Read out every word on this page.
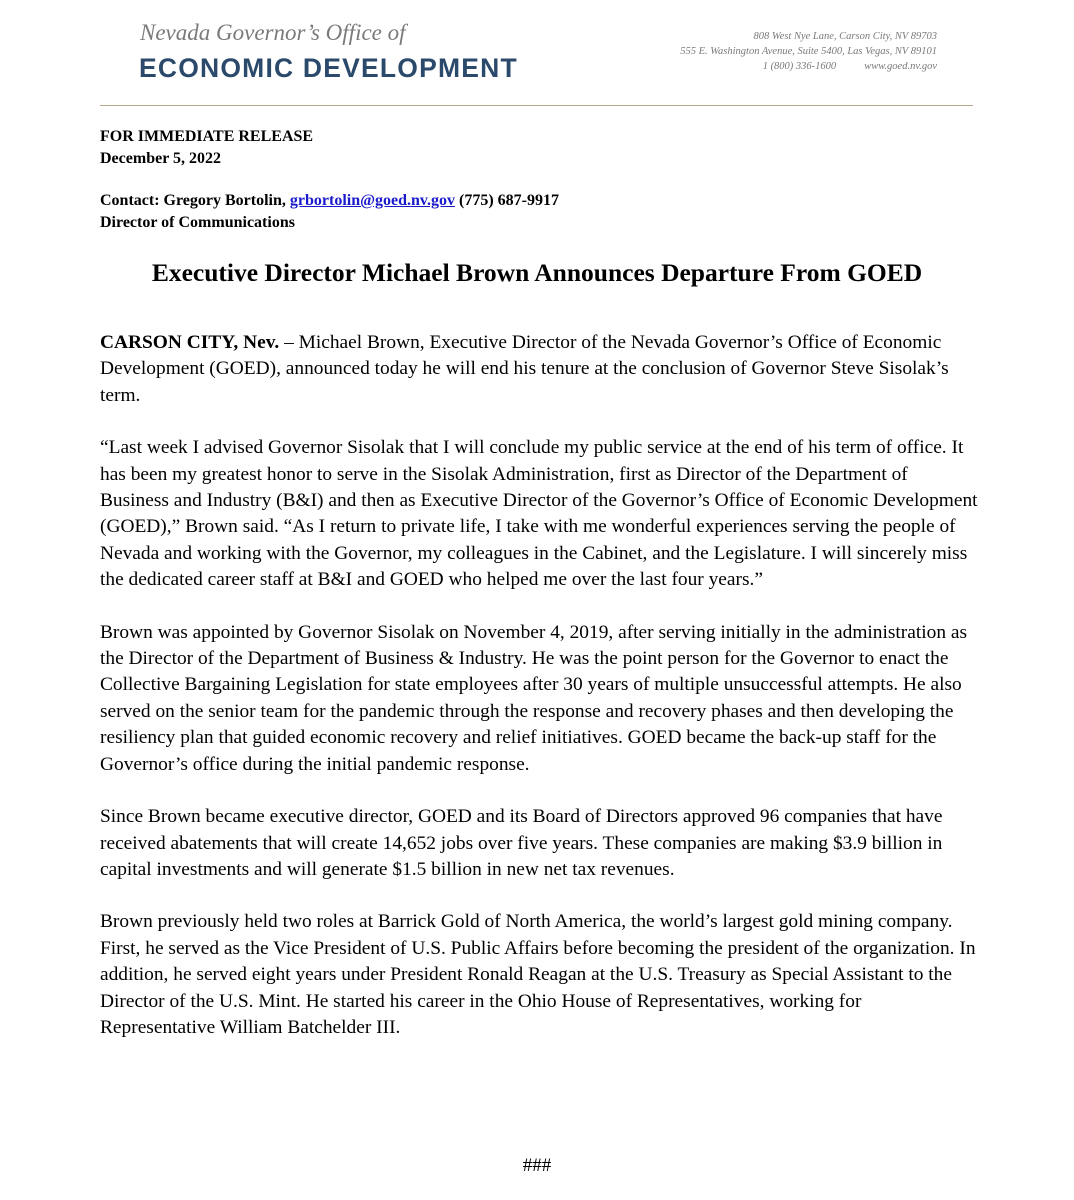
Nevada Governor’s Office of
ECONOMIC DEVELOPMENT
808 West Nye Lane, Carson City, NV 89703
555 E. Washington Avenue, Suite 5400, Las Vegas, NV 89101
1 (800) 336-1600	www.goed.nv.gov
FOR IMMEDIATE RELEASE
December 5, 2022
Contact: Gregory Bortolin, grbortolin@goed.nv.gov (775) 687-9917
Director of Communications
Executive Director Michael Brown Announces Departure From GOED

CARSON CITY, Nev. – Michael Brown, Executive Director of the Nevada Governor’s Office of Economic Development (GOED), announced today he will end his tenure at the conclusion of Governor Steve Sisolak’s term.

“Last week I advised Governor Sisolak that I will conclude my public service at the end of his term of office. It has been my greatest honor to serve in the Sisolak Administration, first as Director of the Department of Business and Industry (B&I) and then as Executive Director of the Governor’s Office of Economic Development (GOED),” Brown said. “As I return to private life, I take with me wonderful experiences serving the people of Nevada and working with the Governor, my colleagues in the Cabinet, and the Legislature. I will sincerely miss the dedicated career staff at B&I and GOED who helped me over the last four years.”

Brown was appointed by Governor Sisolak on November 4, 2019, after serving initially in the administration as the Director of the Department of Business & Industry. He was the point person for the Governor to enact the Collective Bargaining Legislation for state employees after 30 years of multiple unsuccessful attempts. He also served on the senior team for the pandemic through the response and recovery phases and then developing the resiliency plan that guided economic recovery and relief initiatives. GOED became the back-up staff for the Governor’s office during the initial pandemic response.

Since Brown became executive director, GOED and its Board of Directors approved 96 companies that have received abatements that will create 14,652 jobs over five years. These companies are making $3.9 billion in capital investments and will generate $1.5 billion in new net tax revenues.

Brown previously held two roles at Barrick Gold of North America, the world’s largest gold mining company. First, he served as the Vice President of U.S. Public Affairs before becoming the president of the organization. In addition, he served eight years under President Ronald Reagan at the U.S. Treasury as Special Assistant to the Director of the U.S. Mint. He started his career in the Ohio House of Representatives, working for Representative William Batchelder III.

###
